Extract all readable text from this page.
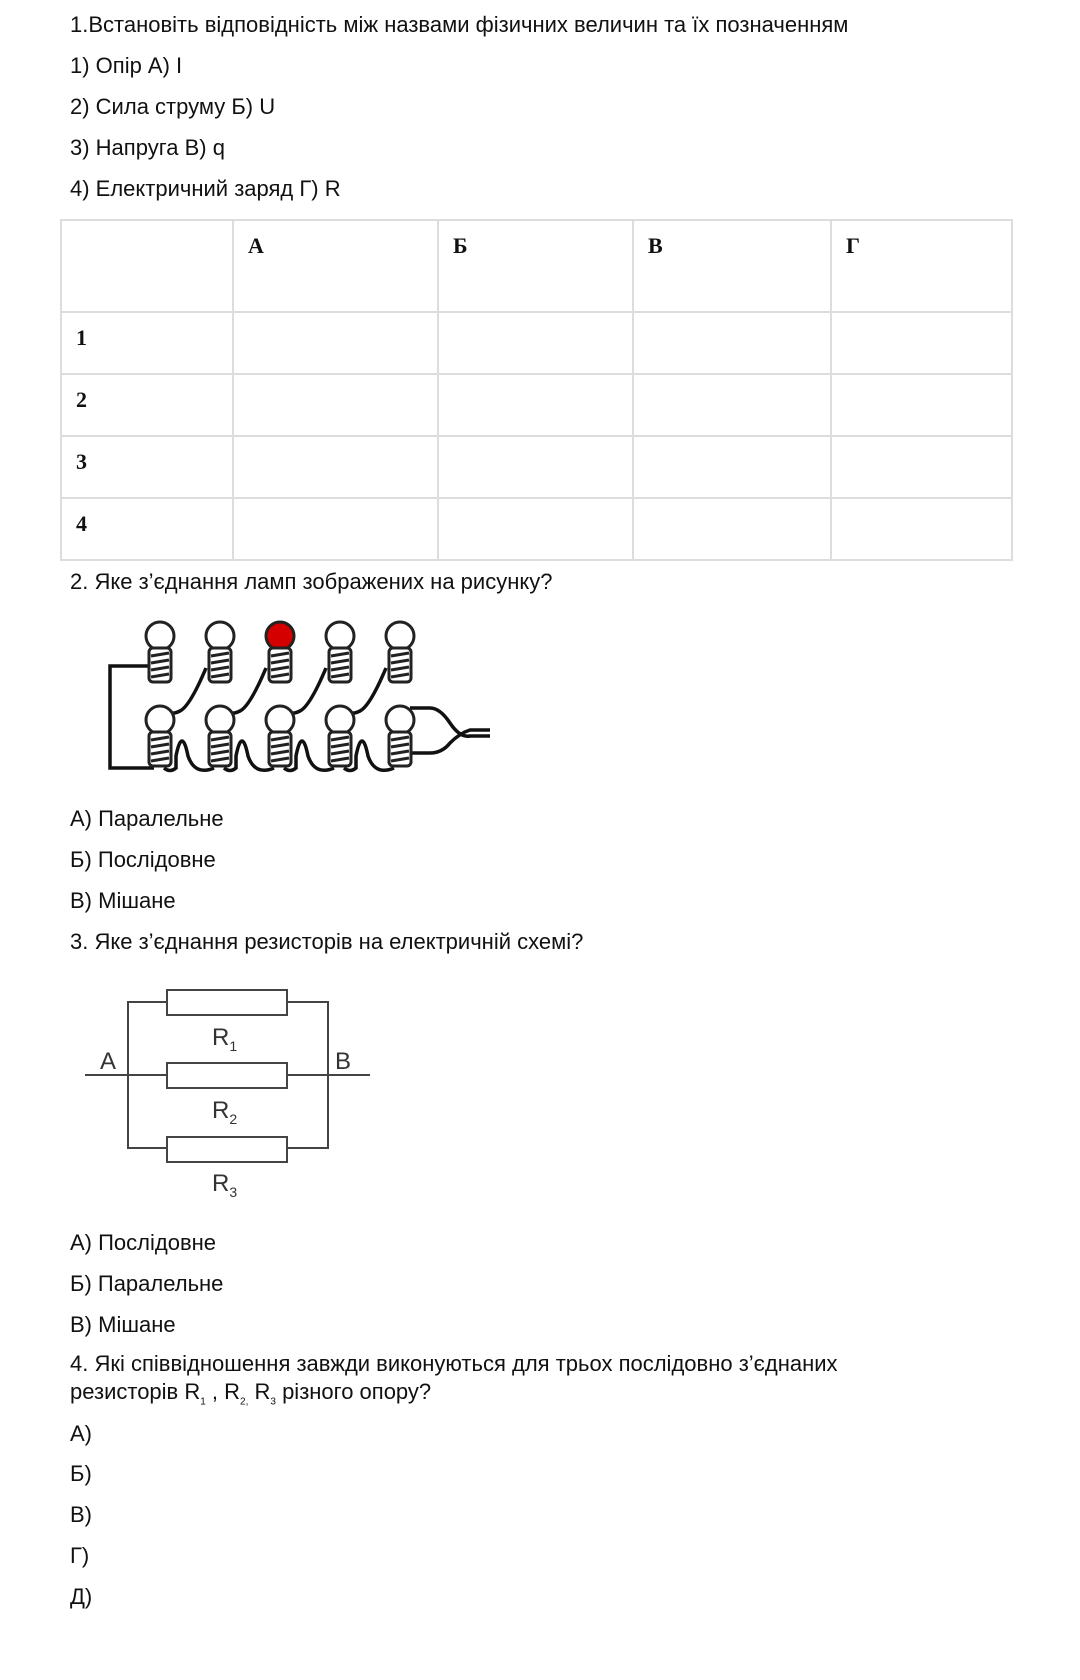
1.Встановіть відповідність між назвами фізичних величин та їх позначенням
1) Опір А) I
2) Сила струму Б) U
3) Напруга В) q
4) Електричний заряд Г) R
	А	Б	В	Г
1				
2				
3				
4				
2. Яке з’єднання ламп зображених на рисунку?
А) Паралельне
Б) Послідовне
В) Мішане
3. Яке з’єднання резисторів на електричній схемі?
A	B
$R_1$
$R_2$
$R_3$
А) Послідовне
Б) Паралельне
В) Мішане
4. Які співвідношення завжди виконуються для трьох послідовно з’єднаних
резисторів $R_1$ , $R_{2,}$ $R_3$ різного опору?
А)
Б)
В)
Г)
Д)
